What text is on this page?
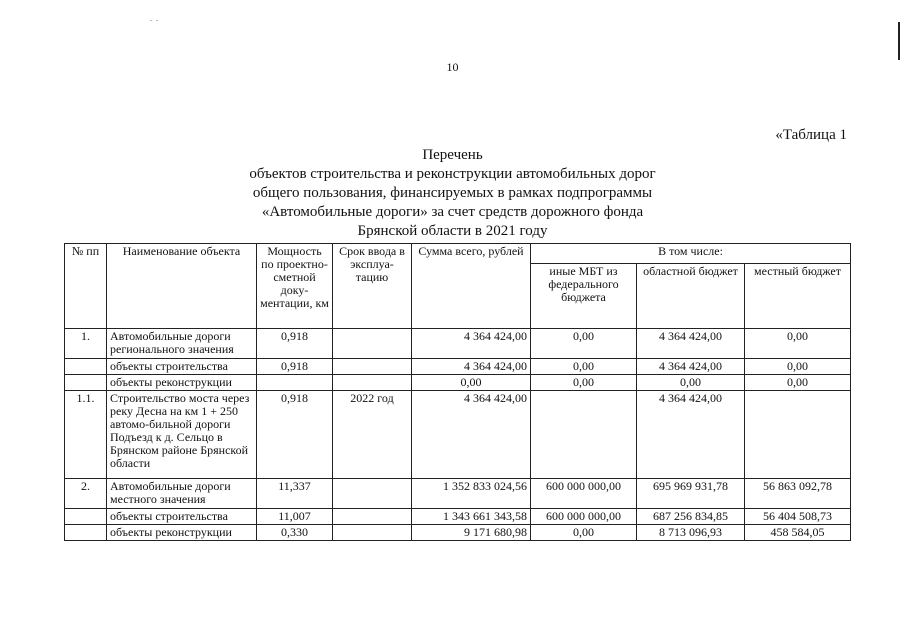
10
«Таблица 1
Перечень
объектов строительства и реконструкции автомобильных дорог
общего пользования, финансируемых в рамках подпрограммы
«Автомобильные дороги» за счет средств дорожного фонда
Брянской области в 2021 году
№ пп	Наименование объекта	Мощность по проектно-сметной доку-ментации, км	Срок ввода в эксплуа-тацию	Сумма всего, рублей	В том числе:		
					иные МБТ из федерального бюджета	областной бюджет	местный бюджет
1.	Автомобильные дороги регионального значения	0,918		4 364 424,00	0,00	4 364 424,00	0,00
	объекты строительства	0,918		4 364 424,00	0,00	4 364 424,00	0,00
	объекты реконструкции			0,00	0,00	0,00	0,00
1.1.	Строительство моста через реку Десна на км 1 + 250 автомо-бильной дороги Подъезд к д. Сельцо в Брянском районе Брянской области	0,918	2022 год	4 364 424,00		4 364 424,00	
2.	Автомобильные дороги местного значения	11,337		1 352 833 024,56	600 000 000,00	695 969 931,78	56 863 092,78
	объекты строительства	11,007		1 343 661 343,58	600 000 000,00	687 256 834,85	56 404 508,73
	объекты реконструкции	0,330		9 171 680,98	0,00	8 713 096,93	458 584,05
